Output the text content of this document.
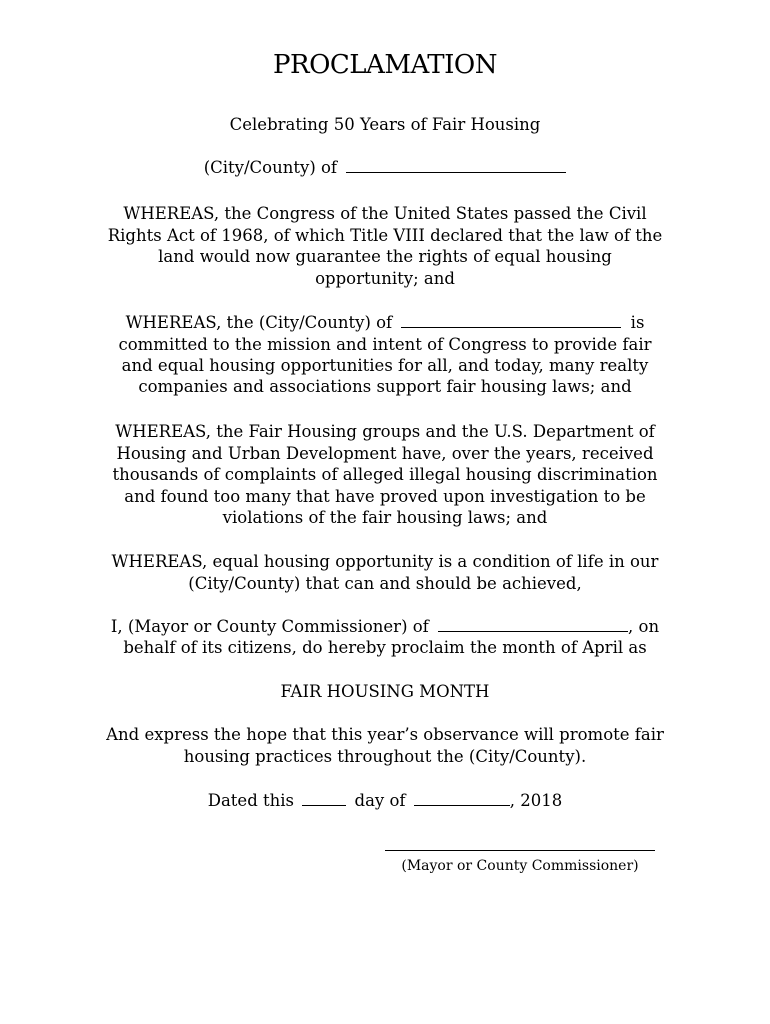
PROCLAMATION
Celebrating 50 Years of Fair Housing
(City/County) of
WHEREAS, the Congress of the United States passed the Civil
Rights Act of 1968, of which Title VIII declared that the law of the
land would now guarantee the rights of equal housing
opportunity; and
WHEREAS, the (City/County) of	is
committed to the mission and intent of Congress to provide fair
and equal housing opportunities for all, and today, many realty
companies and associations support fair housing laws; and
WHEREAS, the Fair Housing groups and the U.S. Department of
Housing and Urban Development have, over the years, received
thousands of complaints of alleged illegal housing discrimination
and found too many that have proved upon investigation to be
violations of the fair housing laws; and
WHEREAS, equal housing opportunity is a condition of life in our
(City/County) that can and should be achieved,
I, (Mayor or County Commissioner) of	, on
behalf of its citizens, do hereby proclaim the month of April as
FAIR HOUSING MONTH
And express the hope that this year’s observance will promote fair
housing practices throughout the (City/County).
Dated this	day of	, 2018
(Mayor or County Commissioner)
